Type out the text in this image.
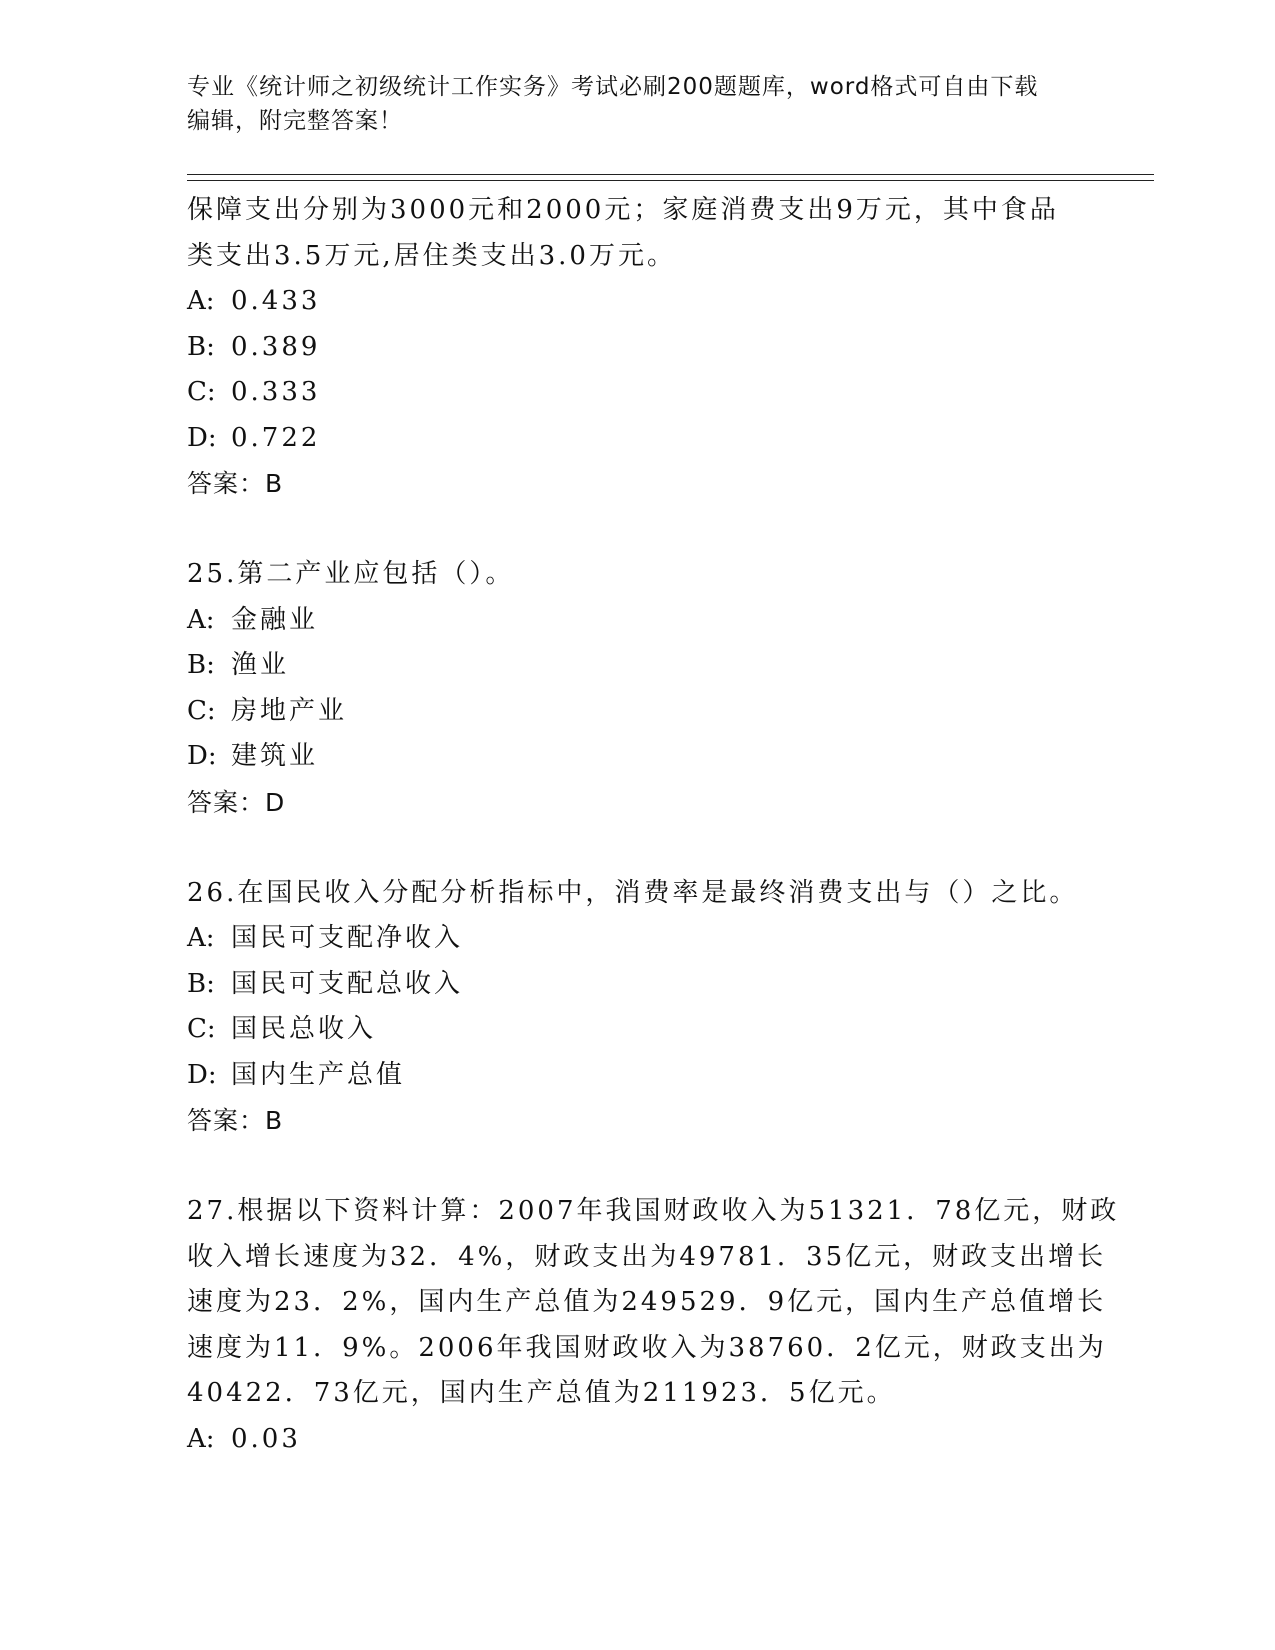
专业《统计师之初级统计工作实务》考试必刷200题题库，word格式可自由下载
编辑，附完整答案！
保障支出分别为3000元和2000元；家庭消费支出9万元，其中食品
类支出3.5万元,居住类支出3.0万元。
A: 0.433
B: 0.389
C: 0.333
D: 0.722
答案：B
25.第二产业应包括（）。
A: 金融业
B: 渔业
C: 房地产业
D: 建筑业
答案：D
26.在国民收入分配分析指标中，消费率是最终消费支出与（）之比。
A: 国民可支配净收入
B: 国民可支配总收入
C: 国民总收入
D: 国内生产总值
答案：B
27.根据以下资料计算：2007年我国财政收入为51321．78亿元，财政
收入增长速度为32．4%，财政支出为49781．35亿元，财政支出增长
速度为23．2%，国内生产总值为249529．9亿元，国内生产总值增长
速度为11．9%。2006年我国财政收入为38760．2亿元，财政支出为
40422．73亿元，国内生产总值为211923．5亿元。
A: 0.03
